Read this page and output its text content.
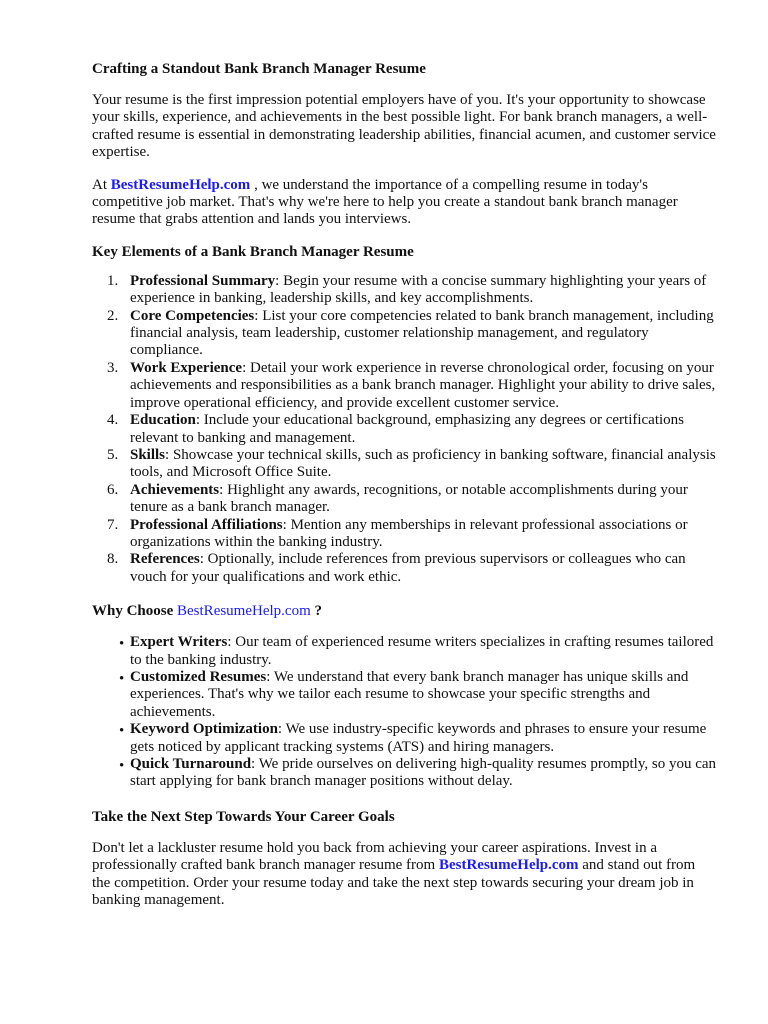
Crafting a Standout Bank Branch Manager Resume

Your resume is the first impression potential employers have of you. It's your opportunity to showcase your skills, experience, and achievements in the best possible light. For bank branch managers, a well-crafted resume is essential in demonstrating leadership abilities, financial acumen, and customer service expertise.

At BestResumeHelp.com , we understand the importance of a compelling resume in today's competitive job market. That's why we're here to help you create a standout bank branch manager resume that grabs attention and lands you interviews.

Key Elements of a Bank Branch Manager Resume
1. Professional Summary: Begin your resume with a concise summary highlighting your years of experience in banking, leadership skills, and key accomplishments.
2. Core Competencies: List your core competencies related to bank branch management, including financial analysis, team leadership, customer relationship management, and regulatory compliance.
3. Work Experience: Detail your work experience in reverse chronological order, focusing on your achievements and responsibilities as a bank branch manager. Highlight your ability to drive sales, improve operational efficiency, and provide excellent customer service.
4. Education: Include your educational background, emphasizing any degrees or certifications relevant to banking and management.
5. Skills: Showcase your technical skills, such as proficiency in banking software, financial analysis tools, and Microsoft Office Suite.
6. Achievements: Highlight any awards, recognitions, or notable accomplishments during your tenure as a bank branch manager.
7. Professional Affiliations: Mention any memberships in relevant professional associations or organizations within the banking industry.
8. References: Optionally, include references from previous supervisors or colleagues who can vouch for your qualifications and work ethic.
Why Choose BestResumeHelp.com ?
• Expert Writers: Our team of experienced resume writers specializes in crafting resumes tailored to the banking industry.
• Customized Resumes: We understand that every bank branch manager has unique skills and experiences. That's why we tailor each resume to showcase your specific strengths and achievements.
• Keyword Optimization: We use industry-specific keywords and phrases to ensure your resume gets noticed by applicant tracking systems (ATS) and hiring managers.
• Quick Turnaround: We pride ourselves on delivering high-quality resumes promptly, so you can start applying for bank branch manager positions without delay.
Take the Next Step Towards Your Career Goals

Don't let a lackluster resume hold you back from achieving your career aspirations. Invest in a professionally crafted bank branch manager resume from BestResumeHelp.com and stand out from the competition. Order your resume today and take the next step towards securing your dream job in banking management.
